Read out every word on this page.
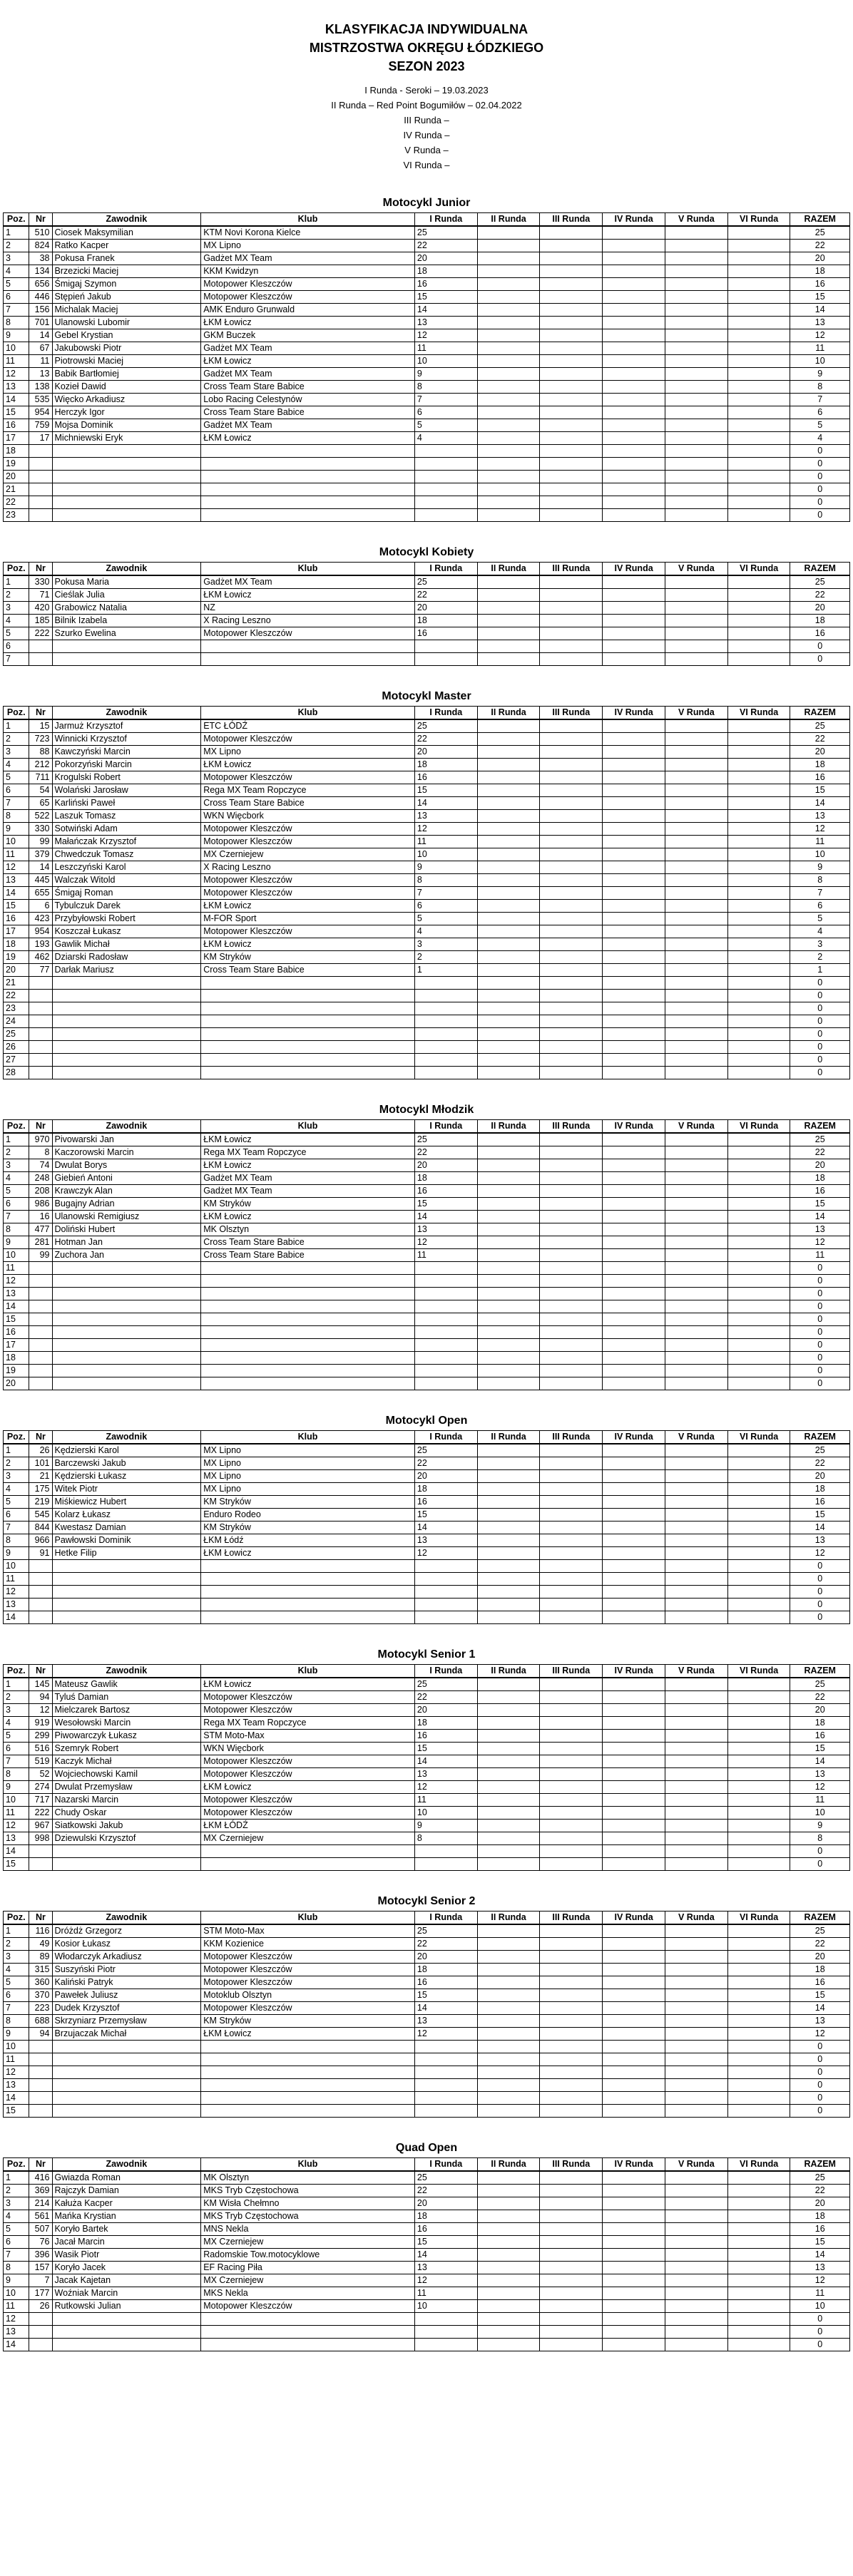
KLASYFIKACJA INDYWIDUALNA
MISTRZOSTWA OKRĘGU ŁÓDZKIEGO
SEZON 2023
I Runda - Seroki – 19.03.2023
II Runda – Red Point Bogumiłów – 02.04.2022
III Runda –
IV Runda –
V Runda –
VI Runda –
Motocykl Junior
Poz.	Nr	Zawodnik	Klub	I Runda	II Runda	III Runda	IV Runda	V Runda	VI Runda	RAZEM
1	510	Ciosek Maksymilian	KTM Novi Korona Kielce	25						25
2	824	Ratko Kacper	MX Lipno	22						22
3	38	Pokusa Franek	Gadżet MX Team	20						20
4	134	Brzezicki Maciej	KKM Kwidzyn	18						18
5	656	Śmigaj Szymon	Motopower Kleszczów	16						16
6	446	Stępień Jakub	Motopower Kleszczów	15						15
7	156	Michalak Maciej	AMK Enduro Grunwald	14						14
8	701	Ulanowski Lubomir	ŁKM Łowicz	13						13
9	14	Gebel Krystian	GKM Buczek	12						12
10	67	Jakubowski Piotr	Gadżet MX Team	11						11
11	11	Piotrowski Maciej	ŁKM Łowicz	10						10
12	13	Babik Bartłomiej	Gadżet MX Team	9						9
13	138	Kozieł Dawid	Cross Team Stare Babice	8						8
14	535	Więcko Arkadiusz	Lobo Racing Celestynów	7						7
15	954	Herczyk Igor	Cross Team Stare Babice	6						6
16	759	Mojsa Dominik	Gadżet MX Team	5						5
17	17	Michniewski Eryk	ŁKM Łowicz	4						4
18										0
19										0
20										0
21										0
22										0
23										0
Motocykl Kobiety
Poz.	Nr	Zawodnik	Klub	I Runda	II Runda	III Runda	IV Runda	V Runda	VI Runda	RAZEM
1	330	Pokusa Maria	Gadżet MX Team	25						25
2	71	Cieślak Julia	ŁKM Łowicz	22						22
3	420	Grabowicz Natalia	NZ	20						20
4	185	Bilnik Izabela	X Racing Leszno	18						18
5	222	Szurko Ewelina	Motopower Kleszczów	16						16
6										0
7										0
Motocykl Master
Poz.	Nr	Zawodnik	Klub	I Runda	II Runda	III Runda	IV Runda	V Runda	VI Runda	RAZEM
1	15	Jarmuż Krzysztof	ETC ŁÓDŹ	25						25
2	723	Winnicki Krzysztof	Motopower Kleszczów	22						22
3	88	Kawczyński Marcin	MX Lipno	20						20
4	212	Pokorzyński Marcin	ŁKM Łowicz	18						18
5	711	Krogulski Robert	Motopower Kleszczów	16						16
6	54	Wolański Jarosław	Rega MX Team Ropczyce	15						15
7	65	Karliński Paweł	Cross Team Stare Babice	14						14
8	522	Laszuk Tomasz	WKN Więcbork	13						13
9	330	Sotwiński Adam	Motopower Kleszczów	12						12
10	99	Małańczak Krzysztof	Motopower Kleszczów	11						11
11	379	Chwedczuk Tomasz	MX Czerniejew	10						10
12	14	Leszczyński Karol	X Racing Leszno	9						9
13	445	Walczak Witold	Motopower Kleszczów	8						8
14	655	Śmigaj Roman	Motopower Kleszczów	7						7
15	6	Tybulczuk Darek	ŁKM Łowicz	6						6
16	423	Przybyłowski Robert	M-FOR Sport	5						5
17	954	Koszczał Łukasz	Motopower Kleszczów	4						4
18	193	Gawlik Michał	ŁKM Łowicz	3						3
19	462	Dziarski Radosław	KM Stryków	2						2
20	77	Darłak Mariusz	Cross Team Stare Babice	1						1
21										0
22										0
23										0
24										0
25										0
26										0
27										0
28										0
Motocykl Młodzik
Poz.	Nr	Zawodnik	Klub	I Runda	II Runda	III Runda	IV Runda	V Runda	VI Runda	RAZEM
1	970	Pivowarski Jan	ŁKM Łowicz	25						25
2	8	Kaczorowski Marcin	Rega MX Team Ropczyce	22						22
3	74	Dwulat Borys	ŁKM Łowicz	20						20
4	248	Giebień Antoni	Gadżet MX Team	18						18
5	208	Krawczyk Alan	Gadżet MX Team	16						16
6	986	Bugajny Adrian	KM Stryków	15						15
7	16	Ulanowski Remigiusz	ŁKM Łowicz	14						14
8	477	Doliński Hubert	MK Olsztyn	13						13
9	281	Hotman Jan	Cross Team Stare Babice	12						12
10	99	Zuchora Jan	Cross Team Stare Babice	11						11
11										0
12										0
13										0
14										0
15										0
16										0
17										0
18										0
19										0
20										0
Motocykl Open
Poz.	Nr	Zawodnik	Klub	I Runda	II Runda	III Runda	IV Runda	V Runda	VI Runda	RAZEM
1	26	Kędzierski Karol	MX Lipno	25						25
2	101	Barczewski Jakub	MX Lipno	22						22
3	21	Kędzierski Łukasz	MX Lipno	20						20
4	175	Witek Piotr	MX Lipno	18						18
5	219	Miśkiewicz Hubert	KM Stryków	16						16
6	545	Kolarz Łukasz	Enduro Rodeo	15						15
7	844	Kwestasz Damian	KM Stryków	14						14
8	966	Pawłowski Dominik	ŁKM Łódź	13						13
9	91	Hetke Filip	ŁKM Łowicz	12						12
10										0
11										0
12										0
13										0
14										0
Motocykl Senior 1
Poz.	Nr	Zawodnik	Klub	I Runda	II Runda	III Runda	IV Runda	V Runda	VI Runda	RAZEM
1	145	Mateusz Gawlik	ŁKM Łowicz	25						25
2	94	Tyluś Damian	Motopower Kleszczów	22						22
3	12	Mielczarek Bartosz	Motopower Kleszczów	20						20
4	919	Wesołowski Marcin	Rega MX Team Ropczyce	18						18
5	299	Piwowarczyk Łukasz	STM Moto-Max	16						16
6	516	Szemryk Robert	WKN Więcbork	15						15
7	519	Kaczyk Michał	Motopower Kleszczów	14						14
8	52	Wojciechowski Kamil	Motopower Kleszczów	13						13
9	274	Dwulat Przemysław	ŁKM Łowicz	12						12
10	717	Nazarski Marcin	Motopower Kleszczów	11						11
11	222	Chudy Oskar	Motopower Kleszczów	10						10
12	967	Siatkowski Jakub	ŁKM ŁÓDŹ	9						9
13	998	Dziewulski Krzysztof	MX Czerniejew	8						8
14										0
15										0
Motocykl Senior 2
Poz.	Nr	Zawodnik	Klub	I Runda	II Runda	III Runda	IV Runda	V Runda	VI Runda	RAZEM
1	116	Dróżdż Grzegorz	STM Moto-Max	25						25
2	49	Kosior Łukasz	KKM Kozienice	22						22
3	89	Włodarczyk Arkadiusz	Motopower Kleszczów	20						20
4	315	Suszyński Piotr	Motopower Kleszczów	18						18
5	360	Kaliński Patryk	Motopower Kleszczów	16						16
6	370	Pawełek Juliusz	Motoklub Olsztyn	15						15
7	223	Dudek Krzysztof	Motopower Kleszczów	14						14
8	688	Skrzyniarz Przemysław	KM Stryków	13						13
9	94	Brzujaczak Michał	ŁKM Łowicz	12						12
10										0
11										0
12										0
13										0
14										0
15										0
Quad Open
Poz.	Nr	Zawodnik	Klub	I Runda	II Runda	III Runda	IV Runda	V Runda	VI Runda	RAZEM
1	416	Gwiazda Roman	MK Olsztyn	25						25
2	369	Rajczyk Damian	MKS Tryb Częstochowa	22						22
3	214	Kałuża Kacper	KM Wisła Chełmno	20						20
4	561	Mańka Krystian	MKS Tryb Częstochowa	18						18
5	507	Koryło Bartek	MNS Nekla	16						16
6	76	Jacał Marcin	MX Czerniejew	15						15
7	396	Wasik Piotr	Radomskie Tow.motocyklowe	14						14
8	157	Koryło Jacek	EF Racing Piła	13						13
9	7	Jacak Kajetan	MX Czerniejew	12						12
10	177	Woźniak Marcin	MKS Nekla	11						11
11	26	Rutkowski Julian	Motopower Kleszczów	10						10
12										0
13										0
14										0
